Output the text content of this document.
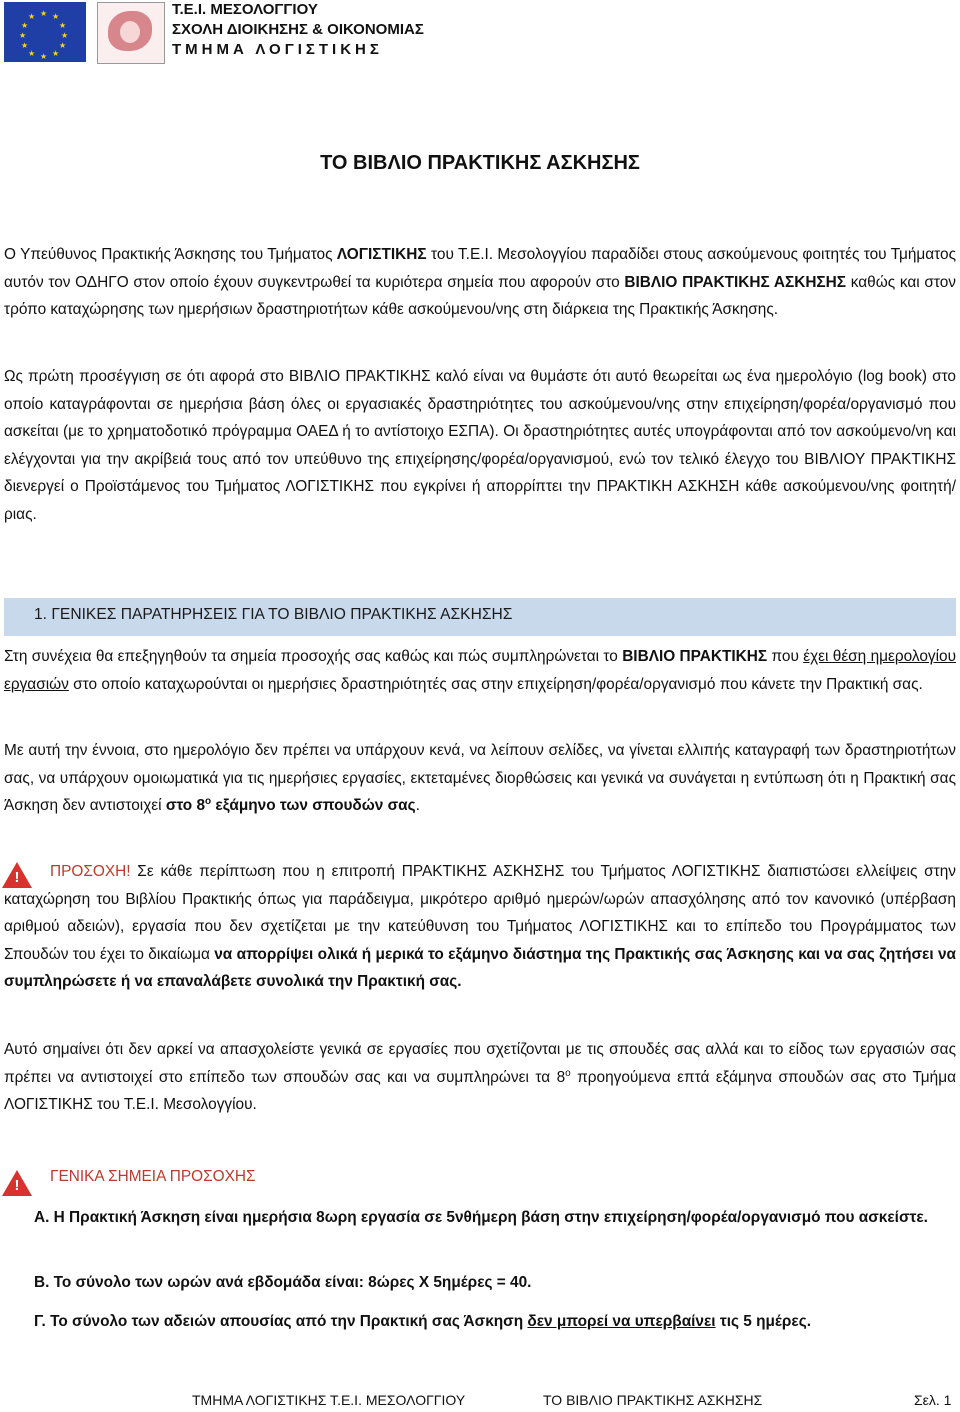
★ ★
★
★
★
★
★
★
★
★
★
★	Τ.Ε.Ι. ΜΕΣΟΛΟΓΓΙΟΥ
ΣΧΟΛΗ ΔΙΟΙΚΗΣΗΣ & ΟΙΚΟΝΟΜΙΑΣ
ΤΜΗΜΑ ΛΟΓΙΣΤΙΚΗΣ
ΤΟ ΒΙΒΛΙΟ ΠΡΑΚΤΙΚΗΣ ΑΣΚΗΣΗΣ
Ο Υπεύθυνος Πρακτικής Άσκησης του Τμήματος ΛΟΓΙΣΤΙΚΗΣ του Τ.Ε.Ι. Μεσολογγίου παραδίδει στους ασκούμενους φοιτητές του Τμήματος αυτόν τον ΟΔΗΓΟ στον οποίο έχουν συγκεντρωθεί τα κυριότερα σημεία που αφορούν στο ΒΙΒΛΙΟ ΠΡΑΚΤΙΚΗΣ ΑΣΚΗΣΗΣ καθώς και στον τρόπο καταχώρησης των ημερήσιων δραστηριοτήτων κάθε ασκούμενου/νης στη διάρκεια της Πρακτικής Άσκησης.
Ως πρώτη προσέγγιση σε ότι αφορά στο ΒΙΒΛΙΟ ΠΡΑΚΤΙΚΗΣ καλό είναι να θυμάστε ότι αυτό θεωρείται ως ένα ημερολόγιο (log book) στο οποίο καταγράφονται σε ημερήσια βάση όλες οι εργασιακές δραστηριότητες του ασκούμενου/νης στην επιχείρηση/φορέα/οργανισμό που ασκείται (με το χρηματοδοτικό πρόγραμμα ΟΑΕΔ ή το αντίστοιχο ΕΣΠΑ). Οι δραστηριότητες αυτές υπογράφονται από τον ασκούμενο/νη και ελέγχονται για την ακρίβειά τους από τον υπεύθυνο της επιχείρησης/φορέα/οργανισμού, ενώ τον τελικό έλεγχο του ΒΙΒΛΙΟΥ ΠΡΑΚΤΙΚΗΣ διενεργεί ο Προϊστάμενος του Τμήματος ΛΟΓΙΣΤΙΚΗΣ που εγκρίνει ή απορρίπτει την ΠΡΑΚΤΙΚΗ ΑΣΚΗΣΗ κάθε ασκούμενου/νης φοιτητή/ριας.
1. ΓΕΝΙΚΕΣ ΠΑΡΑΤΗΡΗΣΕΙΣ ΓΙΑ ΤΟ ΒΙΒΛΙΟ ΠΡΑΚΤΙΚΗΣ ΑΣΚΗΣΗΣ
Στη συνέχεια θα επεξηγηθούν τα σημεία προσοχής σας καθώς και πώς συμπληρώνεται το ΒΙΒΛΙΟ ΠΡΑΚΤΙΚΗΣ που έχει θέση ημερολογίου εργασιών στο οποίο καταχωρούνται οι ημερήσιες δραστηριότητές σας στην επιχείρηση/φορέα/οργανισμό που κάνετε την Πρακτική σας.
Με αυτή την έννοια, στο ημερολόγιο δεν πρέπει να υπάρχουν κενά, να λείπουν σελίδες, να γίνεται ελλιπής καταγραφή των δραστηριοτήτων σας, να υπάρχουν ομοιωματικά για τις ημερήσιες εργασίες, εκτεταμένες διορθώσεις και γενικά να συνάγεται η εντύπωση ότι η Πρακτική σας Άσκηση δεν αντιστοιχεί στο $8^o$ εξάμηνο των σπουδών σας.
!	ΠΡΟΣΟΧΗ! Σε κάθε περίπτωση που η επιτροπή ΠΡΑΚΤΙΚΗΣ ΑΣΚΗΣΗΣ του Τμήματος ΛΟΓΙΣΤΙΚΗΣ διαπιστώσει ελλείψεις στην καταχώρηση του Βιβλίου Πρακτικής όπως για παράδειγμα, μικρότερο αριθμό ημερών/ωρών απασχόλησης από τον κανονικό (υπέρβαση αριθμού αδειών), εργασία που δεν σχετίζεται με την κατεύθυνση του Τμήματος ΛΟΓΙΣΤΙΚΗΣ και το επίπεδο του Προγράμματος των Σπουδών του έχει το δικαίωμα να απορρίψει ολικά ή μερικά το εξάμηνο διάστημα της Πρακτικής σας Άσκησης και να σας ζητήσει να συμπληρώσετε ή να επαναλάβετε συνολικά την Πρακτική σας.
Αυτό σημαίνει ότι δεν αρκεί να απασχολείστε γενικά σε εργασίες που σχετίζονται με τις σπουδές σας αλλά και το είδος των εργασιών σας πρέπει να αντιστοιχεί στο επίπεδο των σπουδών σας και να συμπληρώνει τα $8^o$ προηγούμενα επτά εξάμηνα σπουδών σας στο Τμήμα ΛΟΓΙΣΤΙΚΗΣ του Τ.Ε.Ι. Μεσολογγίου.
!
ΓΕΝΙΚΑ ΣΗΜΕΙΑ ΠΡΟΣΟΧΗΣ
Α. Η Πρακτική Άσκηση είναι ημερήσια 8ωρη εργασία σε 5νθήμερη βάση στην επιχείρηση/φορέα/οργανισμό που ασκείστε.
Β. Το σύνολο των ωρών ανά εβδομάδα είναι: 8ώρες Χ 5ημέρες = 40.
Γ. Το σύνολο των αδειών απουσίας από την Πρακτική σας Άσκηση δεν μπορεί να υπερβαίνει τις 5 ημέρες.
ΤΜΗΜΑ ΛΟΓΙΣΤΙΚΗΣ Τ.Ε.Ι. ΜΕΣΟΛΟΓΓΙΟΥ	ΤΟ ΒΙΒΛΙΟ ΠΡΑΚΤΙΚΗΣ ΑΣΚΗΣΗΣ	Σελ. 1
